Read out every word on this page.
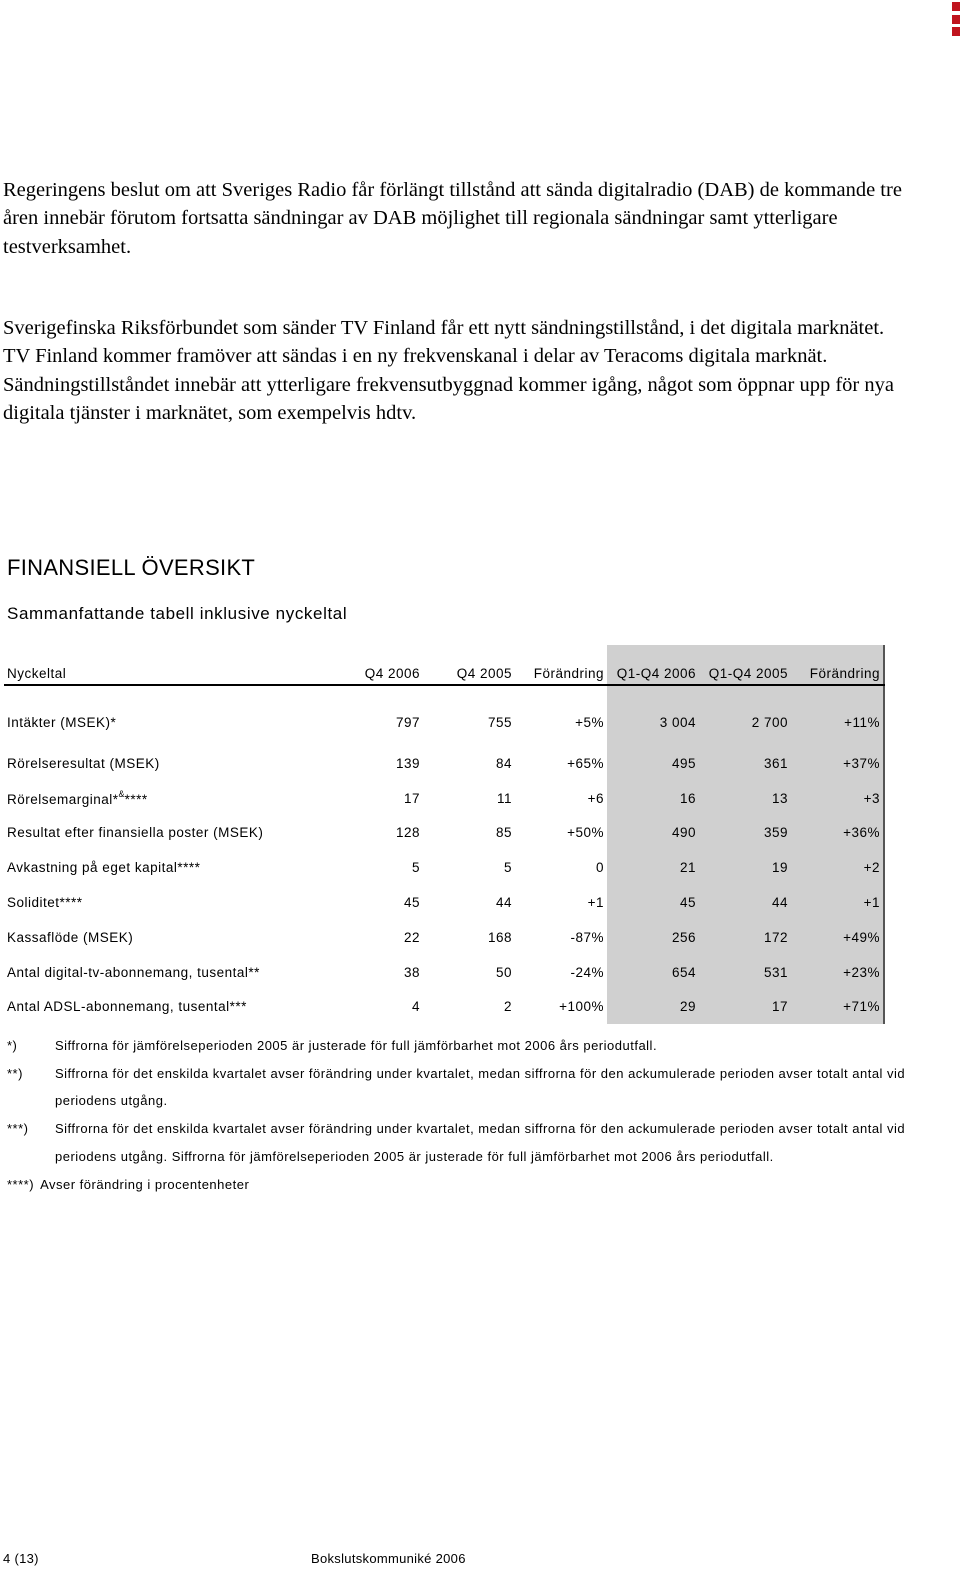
Regeringens beslut om att Sveriges Radio får förlängt tillstånd att sända digitalradio (DAB) de kommande tre åren innebär förutom fortsatta sändningar av DAB möjlighet till regionala sändningar samt ytterligare testverksamhet.

Sverigefinska Riksförbundet som sänder TV Finland får ett nytt sändningstillstånd, i det digitala marknätet. TV Finland kommer framöver att sändas i en ny frekvenskanal i delar av Teracoms digitala marknät. Sändningstillståndet innebär att ytterligare frekvensutbyggnad kommer igång, något som öppnar upp för nya digitala tjänster i marknätet, som exempelvis hdtv.

FINANSIELL ÖVERSIKT
Sammanfattande tabell inklusive nyckeltal
Nyckeltal	Q4 2006	Q4 2005	Förändring	Q1-Q4 2006	Q1-Q4 2005	Förändring
Intäkter (MSEK)*	797	755	+5%	3 004	2 700	+11%
Rörelseresultat (MSEK)	139	84	+65%	495	361	+37%
Rörelsemarginal*&****	17	11	+6	16	13	+3
Resultat efter finansiella poster (MSEK)	128	85	+50%	490	359	+36%
Avkastning på eget kapital****	5	5	0	21	19	+2
Soliditet****	45	44	+1	45	44	+1
Kassaflöde (MSEK)	22	168	-87%	256	172	+49%
Antal digital-tv-abonnemang, tusental**	38	50	-24%	654	531	+23%
Antal ADSL-abonnemang, tusental***	4	2	+100%	29	17	+71%
*)	Siffrorna för jämförelseperioden 2005 är justerade för full jämförbarhet mot 2006 års periodutfall.
**)	Siffrorna för det enskilda kvartalet avser förändring under kvartalet, medan siffrorna för den ackumulerade perioden avser totalt antal vid periodens utgång.
***)	Siffrorna för det enskilda kvartalet avser förändring under kvartalet, medan siffrorna för den ackumulerade perioden avser totalt antal vid periodens utgång. Siffrorna för jämförelseperioden 2005 är justerade för full jämförbarhet mot 2006 års periodutfall.
****) Avser förändring i procentenheter
4 (13)	Bokslutskommuniké 2006
